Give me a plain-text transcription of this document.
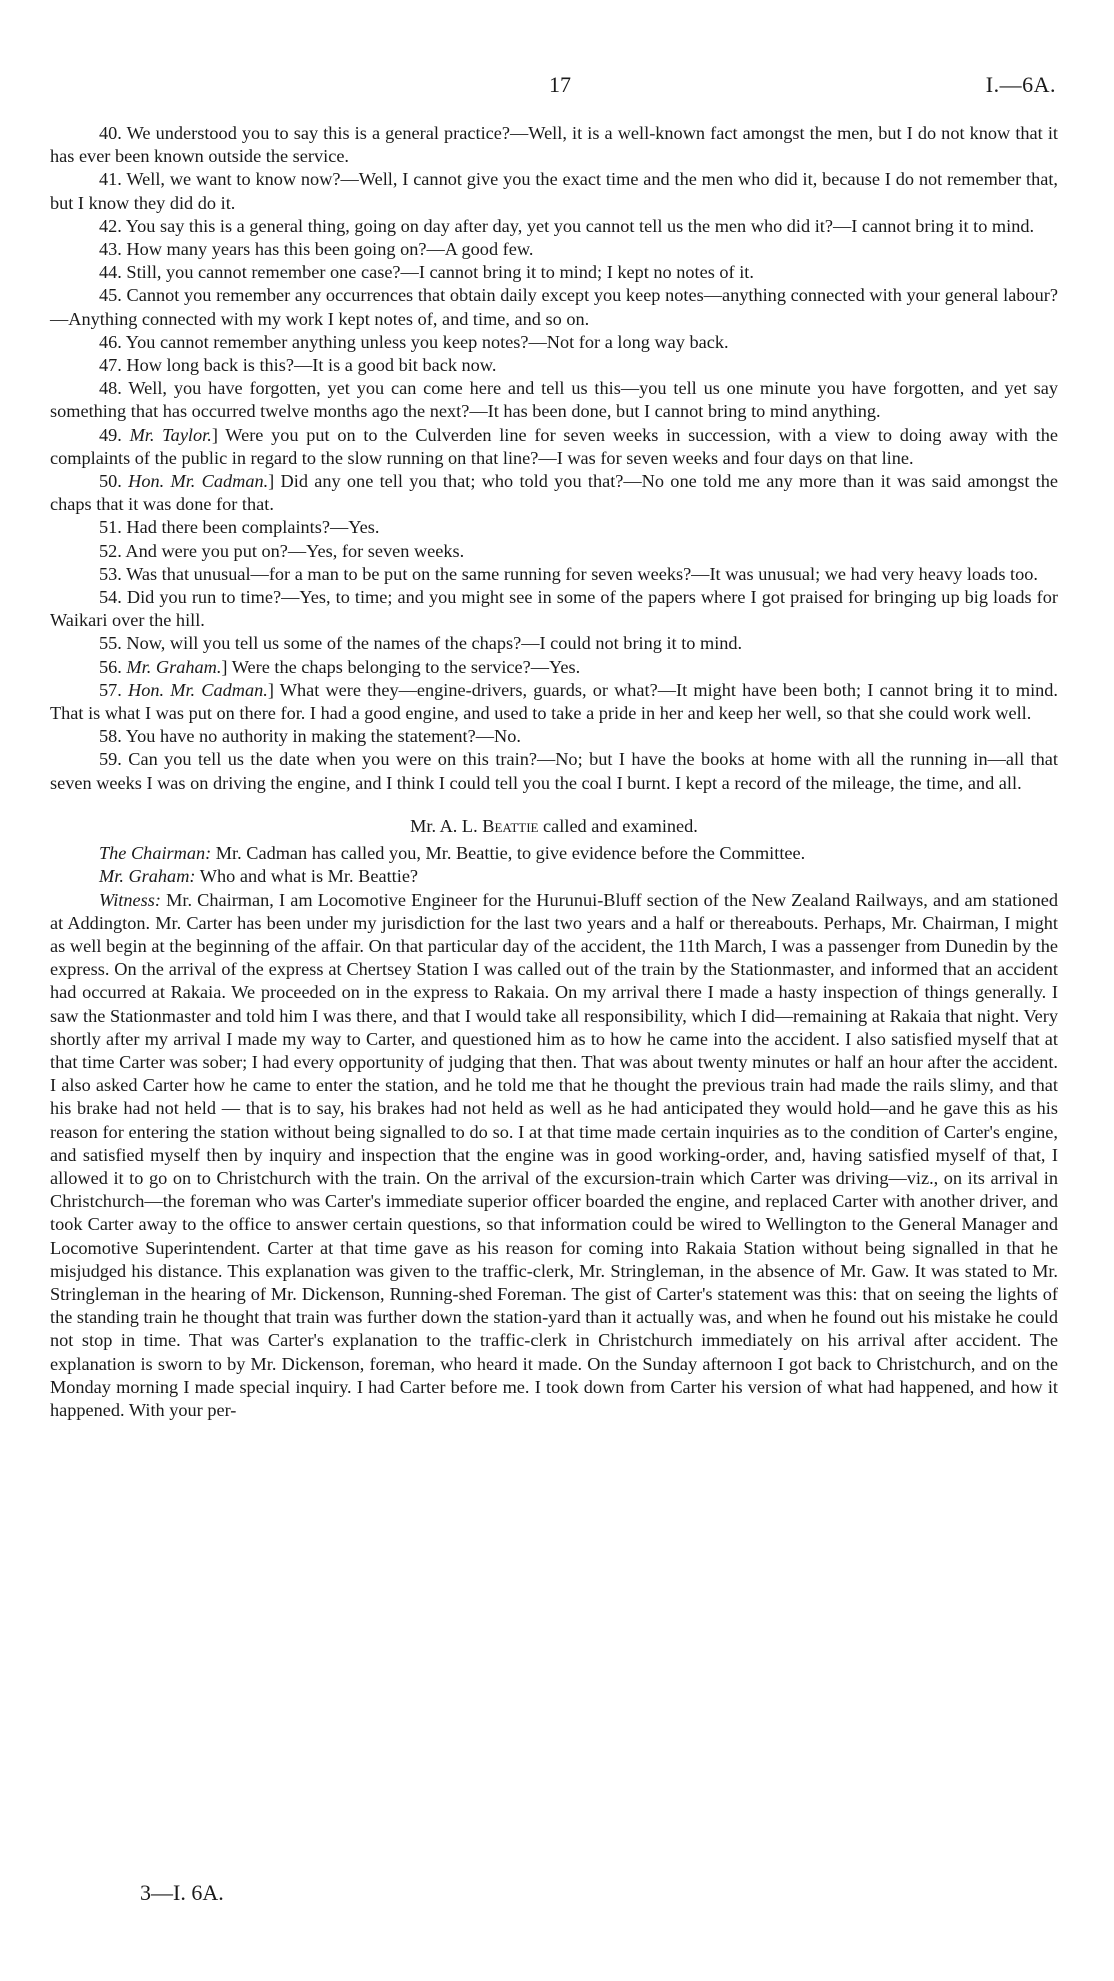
17	I.—6A.

40. We understood you to say this is a general practice?—Well, it is a well-known fact amongst the men, but I do not know that it has ever been known outside the service.

41. Well, we want to know now?—Well, I cannot give you the exact time and the men who did it, because I do not remember that, but I know they did do it.

42. You say this is a general thing, going on day after day, yet you cannot tell us the men who did it?—I cannot bring it to mind.

43. How many years has this been going on?—A good few.

44. Still, you cannot remember one case?—I cannot bring it to mind; I kept no notes of it.

45. Cannot you remember any occurrences that obtain daily except you keep notes—anything connected with your general labour?—Anything connected with my work I kept notes of, and time, and so on.

46. You cannot remember anything unless you keep notes?—Not for a long way back.

47. How long back is this?—It is a good bit back now.

48. Well, you have forgotten, yet you can come here and tell us this—you tell us one minute you have forgotten, and yet say something that has occurred twelve months ago the next?—It has been done, but I cannot bring to mind anything.

49. Mr. Taylor.] Were you put on to the Culverden line for seven weeks in succession, with a view to doing away with the complaints of the public in regard to the slow running on that line?—I was for seven weeks and four days on that line.

50. Hon. Mr. Cadman.] Did any one tell you that; who told you that?—No one told me any more than it was said amongst the chaps that it was done for that.

51. Had there been complaints?—Yes.

52. And were you put on?—Yes, for seven weeks.

53. Was that unusual—for a man to be put on the same running for seven weeks?—It was unusual; we had very heavy loads too.

54. Did you run to time?—Yes, to time; and you might see in some of the papers where I got praised for bringing up big loads for Waikari over the hill.

55. Now, will you tell us some of the names of the chaps?—I could not bring it to mind.

56. Mr. Graham.] Were the chaps belonging to the service?—Yes.

57. Hon. Mr. Cadman.] What were they—engine-drivers, guards, or what?—It might have been both; I cannot bring it to mind. That is what I was put on there for. I had a good engine, and used to take a pride in her and keep her well, so that she could work well.

58. You have no authority in making the statement?—No.

59. Can you tell us the date when you were on this train?—No; but I have the books at home with all the running in—all that seven weeks I was on driving the engine, and I think I could tell you the coal I burnt. I kept a record of the mileage, the time, and all.

Mr. A. L. Beattie called and examined.

The Chairman: Mr. Cadman has called you, Mr. Beattie, to give evidence before the Committee.

Mr. Graham: Who and what is Mr. Beattie?

Witness: Mr. Chairman, I am Locomotive Engineer for the Hurunui-Bluff section of the New Zealand Railways, and am stationed at Addington. Mr. Carter has been under my jurisdiction for the last two years and a half or thereabouts. Perhaps, Mr. Chairman, I might as well begin at the beginning of the affair. On that particular day of the accident, the 11th March, I was a passenger from Dunedin by the express. On the arrival of the express at Chertsey Station I was called out of the train by the Stationmaster, and informed that an accident had occurred at Rakaia. We proceeded on in the express to Rakaia. On my arrival there I made a hasty inspection of things generally. I saw the Stationmaster and told him I was there, and that I would take all responsibility, which I did—remaining at Rakaia that night. Very shortly after my arrival I made my way to Carter, and questioned him as to how he came into the accident. I also satisfied myself that at that time Carter was sober; I had every opportunity of judging that then. That was about twenty minutes or half an hour after the accident. I also asked Carter how he came to enter the station, and he told me that he thought the previous train had made the rails slimy, and that his brake had not held — that is to say, his brakes had not held as well as he had anticipated they would hold—and he gave this as his reason for entering the station without being signalled to do so. I at that time made certain inquiries as to the condition of Carter's engine, and satisfied myself then by inquiry and inspection that the engine was in good working-order, and, having satisfied myself of that, I allowed it to go on to Christchurch with the train. On the arrival of the excursion-train which Carter was driving—viz., on its arrival in Christchurch—the foreman who was Carter's immediate superior officer boarded the engine, and replaced Carter with another driver, and took Carter away to the office to answer certain questions, so that information could be wired to Wellington to the General Manager and Locomotive Superintendent. Carter at that time gave as his reason for coming into Rakaia Station without being signalled in that he misjudged his distance. This explanation was given to the traffic-clerk, Mr. Stringleman, in the absence of Mr. Gaw. It was stated to Mr. Stringleman in the hearing of Mr. Dickenson, Running-shed Foreman. The gist of Carter's statement was this: that on seeing the lights of the standing train he thought that train was further down the station-yard than it actually was, and when he found out his mistake he could not stop in time. That was Carter's explanation to the traffic-clerk in Christchurch immediately on his arrival after accident. The explanation is sworn to by Mr. Dickenson, foreman, who heard it made. On the Sunday afternoon I got back to Christchurch, and on the Monday morning I made special inquiry. I had Carter before me. I took down from Carter his version of what had happened, and how it happened. With your per-

3—I. 6A.
